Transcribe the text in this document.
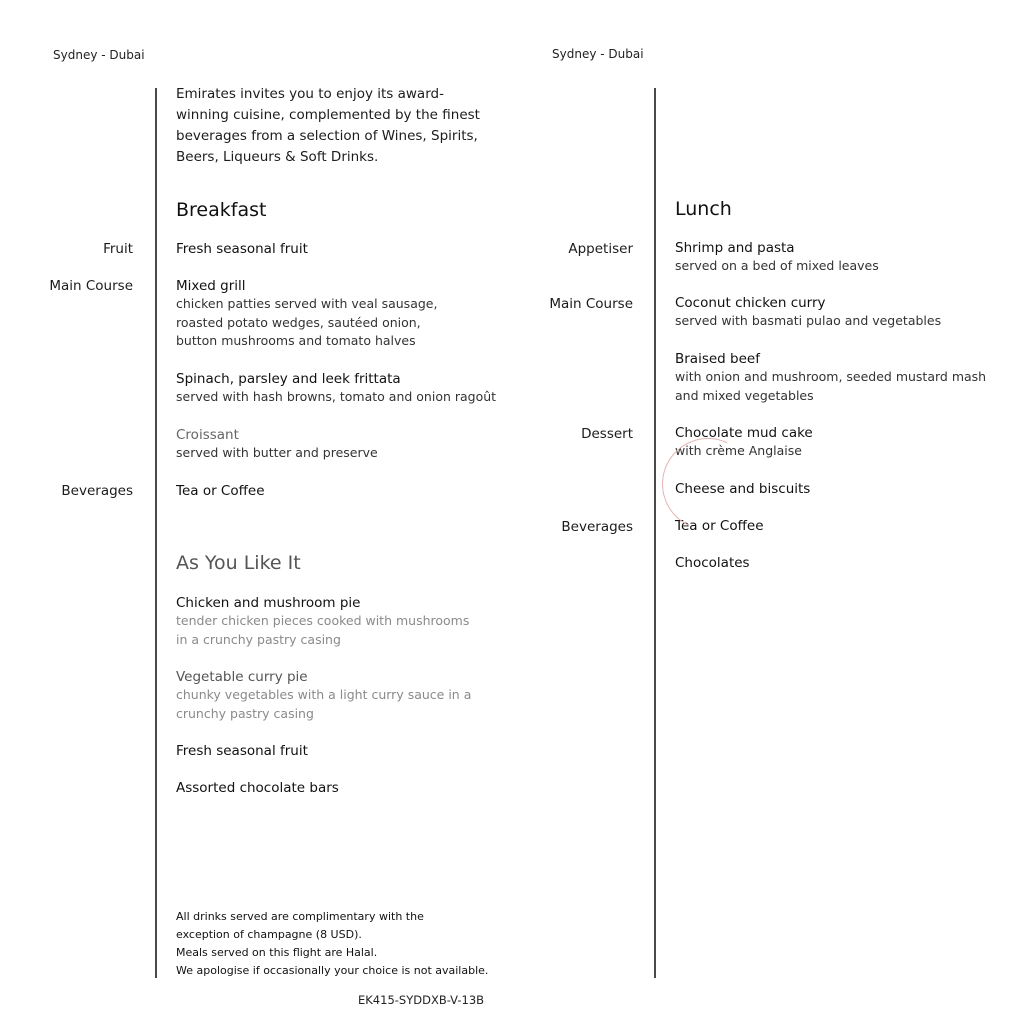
Sydney - Dubai	Sydney - Dubai
Emirates invites you to enjoy its award-winning cuisine, complemented by the finest beverages from a selection of Wines, Spirits, Beers, Liqueurs & Soft Drinks.
Breakfast
Fruit	Fresh seasonal fruit
Main Course	Mixed grill
chicken patties served with veal sausage,
roasted potato wedges, sautéed onion,
button mushrooms and tomato halves
Spinach, parsley and leek frittata
served with hash browns, tomato and onion ragoût
Croissant
served with butter and preserve
Beverages	Tea or Coffee
As You Like It
Chicken and mushroom pie
tender chicken pieces cooked with mushrooms
in a crunchy pastry casing
Vegetable curry pie
chunky vegetables with a light curry sauce in a
crunchy pastry casing
Fresh seasonal fruit
Assorted chocolate bars
All drinks served are complimentary with the
exception of champagne (8 USD).
Meals served on this flight are Halal.
We apologise if occasionally your choice is not available.
EK415-SYDDXB-V-13B
Lunch
Appetiser	Shrimp and pasta
served on a bed of mixed leaves
Main Course	Coconut chicken curry
served with basmati pulao and vegetables
Braised beef
with onion and mushroom, seeded mustard mash
and mixed vegetables
Dessert	Chocolate mud cake
with crème Anglaise
Cheese and biscuits
Beverages	Tea or Coffee
Chocolates
